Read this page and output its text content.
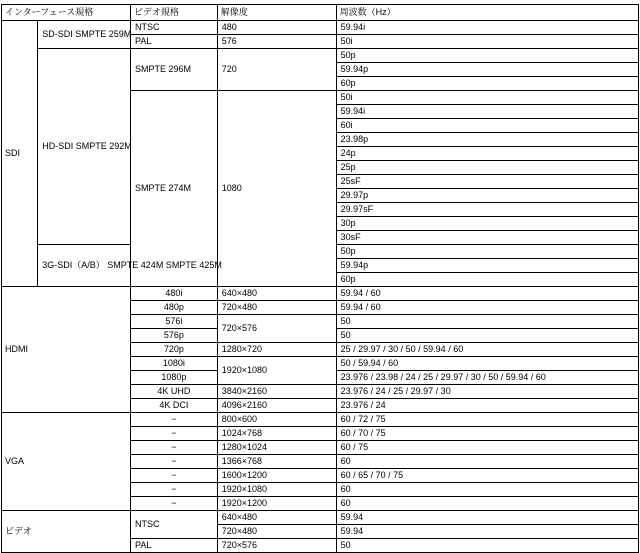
インターフェース規格		ビデオ規格	解像度	周波数（Hz）
SDI	SD-SDI SMPTE 259M	NTSC	480	59.94i
		PAL	576	50i
	HD-SDI SMPTE 292M	SMPTE 296M	720	50p
				59.94p
				60p
		SMPTE 274M	1080	50i
				59.94i
				60i
				23.98p
				24p
				25p
				25sF
				29.97p
				29.97sF
				30p
				30sF
	3G-SDI（A/B） SMPTE 424M SMPTE 425M			50p
				59.94p
				60p
HDMI		480i	640×480	59.94 / 60
		480p	720×480	59.94 / 60
		576i	720×576	50
		576p		50
		720p	1280×720	25 / 29.97 / 30 / 50 / 59.94 / 60
		1080i	1920×1080	50 / 59.94 / 60
		1080p		23.976 / 23.98 / 24 / 25 / 29.97 / 30 / 50 / 59.94 / 60
		4K UHD	3840×2160	23.976 / 24 / 25 / 29.97 / 30
		4K DCI	4096×2160	23.976 / 24
VGA		−	800×600	60 / 72 / 75
		−	1024×768	60 / 70 / 75
		−	1280×1024	60 / 75
		−	1366×768	60
		−	1600×1200	60 / 65 / 70 / 75
		−	1920×1080	60
		−	1920×1200	60
ビデオ		NTSC	640×480	59.94
			720×480	59.94
		PAL	720×576	50
